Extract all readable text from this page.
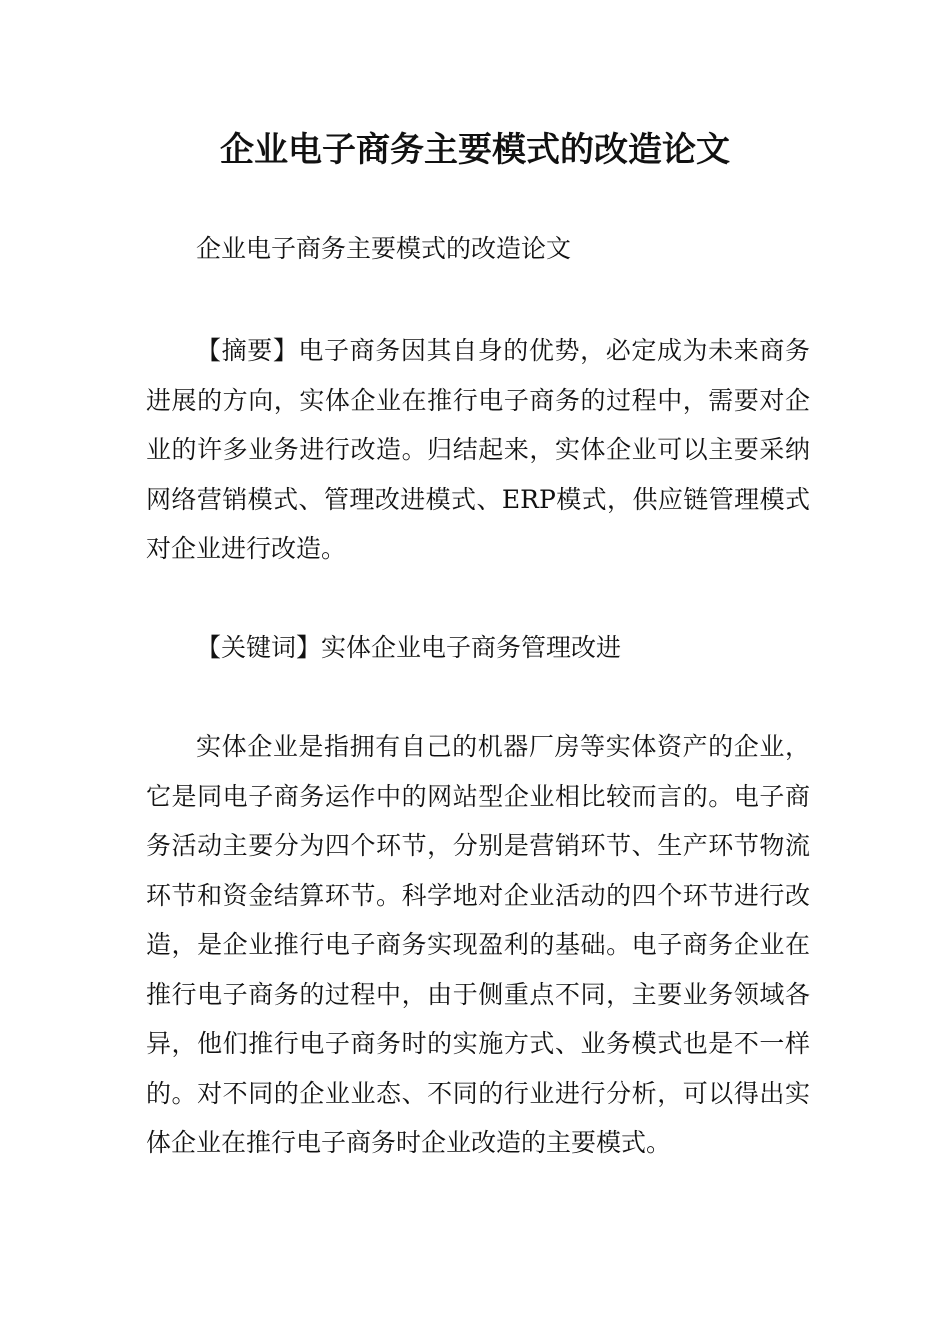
企业电子商务主要模式的改造论文

企业电子商务主要模式的改造论文

【摘要】电子商务因其自身的优势，必定成为未来商务进展的方向，实体企业在推行电子商务的过程中，需要对企业的许多业务进行改造。归结起来，实体企业可以主要采纳网络营销模式、管理改进模式、ERP模式，供应链管理模式对企业进行改造。

【关键词】实体企业电子商务管理改进

实体企业是指拥有自己的机器厂房等实体资产的企业，它是同电子商务运作中的网站型企业相比较而言的。电子商务活动主要分为四个环节，分别是营销环节、生产环节物流环节和资金结算环节。科学地对企业活动的四个环节进行改造，是企业推行电子商务实现盈利的基础。电子商务企业在推行电子商务的过程中，由于侧重点不同，主要业务领域各异，他们推行电子商务时的实施方式、业务模式也是不一样的。对不同的企业业态、不同的行业进行分析，可以得出实体企业在推行电子商务时企业改造的主要模式。
